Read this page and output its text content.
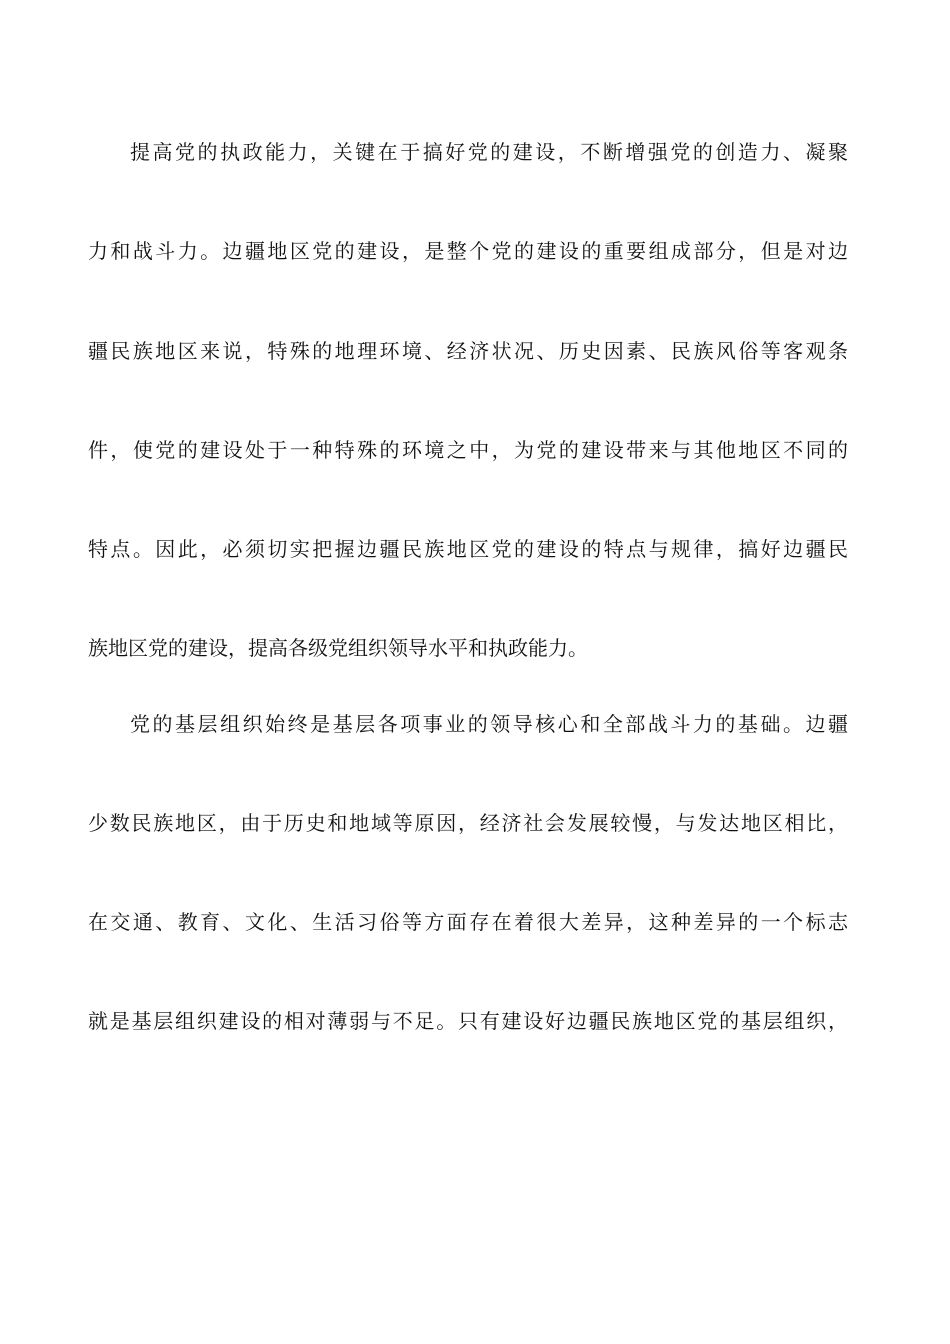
提高党的执政能力，关键在于搞好党的建设，不断增强党的创造力、凝聚
力和战斗力。边疆地区党的建设，是整个党的建设的重要组成部分，但是对边
疆民族地区来说，特殊的地理环境、经济状况、历史因素、民族风俗等客观条
件，使党的建设处于一种特殊的环境之中，为党的建设带来与其他地区不同的
特点。因此，必须切实把握边疆民族地区党的建设的特点与规律，搞好边疆民
族地区党的建设，提高各级党组织领导水平和执政能力。
党的基层组织始终是基层各项事业的领导核心和全部战斗力的基础。边疆
少数民族地区，由于历史和地域等原因，经济社会发展较慢，与发达地区相比，
在交通、教育、文化、生活习俗等方面存在着很大差异，这种差异的一个标志
就是基层组织建设的相对薄弱与不足。只有建设好边疆民族地区党的基层组织，
